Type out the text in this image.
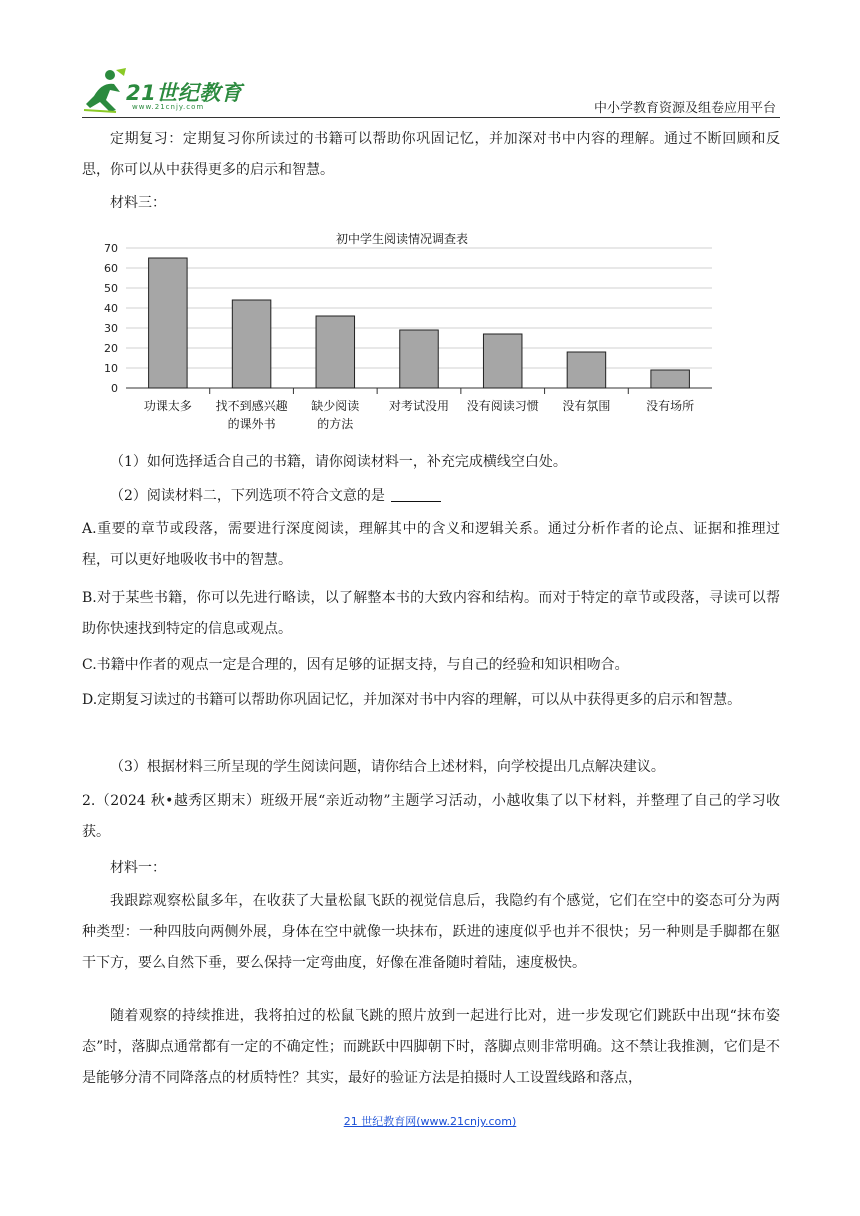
21世纪教育
www.21cnjy.com	中小学教育资源及组卷应用平台

定期复习：定期复习你所读过的书籍可以帮助你巩固记忆，并加深对书中内容的理解。通过不断回顾和反思，你可以从中获得更多的启示和智慧。

材料三：

初中学生阅读情况调查表
0
10
20
30
40
50
60
70
功课太多 找不到感兴趣
的课外书
缺少阅读
的方法
对考试没用 没有阅读习惯 没有氛围	没有场所

（1）如何选择适合自己的书籍，请你阅读材料一，补充完成横线空白处。

（2）阅读材料二，下列选项不符合文意的是

A.重要的章节或段落，需要进行深度阅读，理解其中的含义和逻辑关系。通过分析作者的论点、证据和推理过程，可以更好地吸收书中的智慧。

B.对于某些书籍，你可以先进行略读，以了解整本书的大致内容和结构。而对于特定的章节或段落，寻读可以帮助你快速找到特定的信息或观点。

C.书籍中作者的观点一定是合理的，因有足够的证据支持，与自己的经验和知识相吻合。

D.定期复习读过的书籍可以帮助你巩固记忆，并加深对书中内容的理解，可以从中获得更多的启示和智慧。

（3）根据材料三所呈现的学生阅读问题，请你结合上述材料，向学校提出几点解决建议。

2.（2024 秋•越秀区期末）班级开展“亲近动物”主题学习活动，小越收集了以下材料，并整理了自己的学习收获。

材料一：

我跟踪观察松鼠多年，在收获了大量松鼠飞跃的视觉信息后，我隐约有个感觉，它们在空中的姿态可分为两种类型：一种四肢向两侧外展，身体在空中就像一块抹布，跃进的速度似乎也并不很快；另一种则是手脚都在躯干下方，要么自然下垂，要么保持一定弯曲度，好像在准备随时着陆，速度极快。

随着观察的持续推进，我将拍过的松鼠飞跳的照片放到一起进行比对，进一步发现它们跳跃中出现“抹布姿态”时，落脚点通常都有一定的不确定性；而跳跃中四脚朝下时，落脚点则非常明确。这不禁让我推测，它们是不是能够分清不同降落点的材质特性？其实，最好的验证方法是拍摄时人工设置线路和落点，

21 世纪教育网(www.21cnjy.com)
